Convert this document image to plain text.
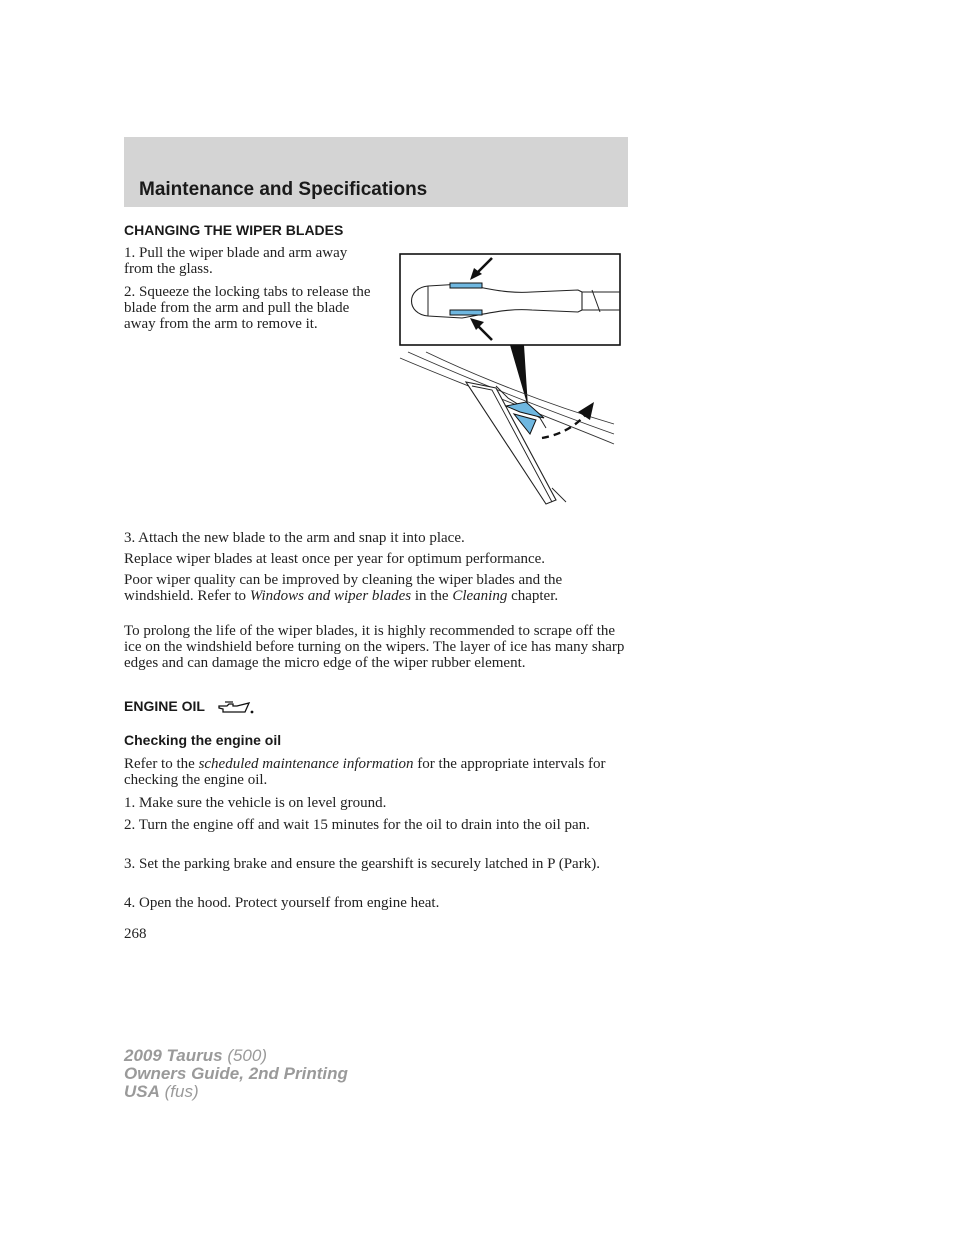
Maintenance and Specifications
CHANGING THE WIPER BLADES

1. Pull the wiper blade and arm away from the glass.

2. Squeeze the locking tabs to release the blade from the arm and pull the blade away from the arm to remove it.

3. Attach the new blade to the arm and snap it into place.

Replace wiper blades at least once per year for optimum performance.

Poor wiper quality can be improved by cleaning the wiper blades and the windshield. Refer to Windows and wiper blades in the Cleaning chapter.

To prolong the life of the wiper blades, it is highly recommended to scrape off the ice on the windshield before turning on the wipers. The layer of ice has many sharp edges and can damage the micro edge of the wiper rubber element.

ENGINE OIL
Checking the engine oil

Refer to the scheduled maintenance information for the appropriate intervals for checking the engine oil.

1. Make sure the vehicle is on level ground.

2. Turn the engine off and wait 15 minutes for the oil to drain into the oil pan.

3. Set the parking brake and ensure the gearshift is securely latched in P (Park).

4. Open the hood. Protect yourself from engine heat.

268
2009 Taurus (500)
Owners Guide, 2nd Printing
USA (fus)
